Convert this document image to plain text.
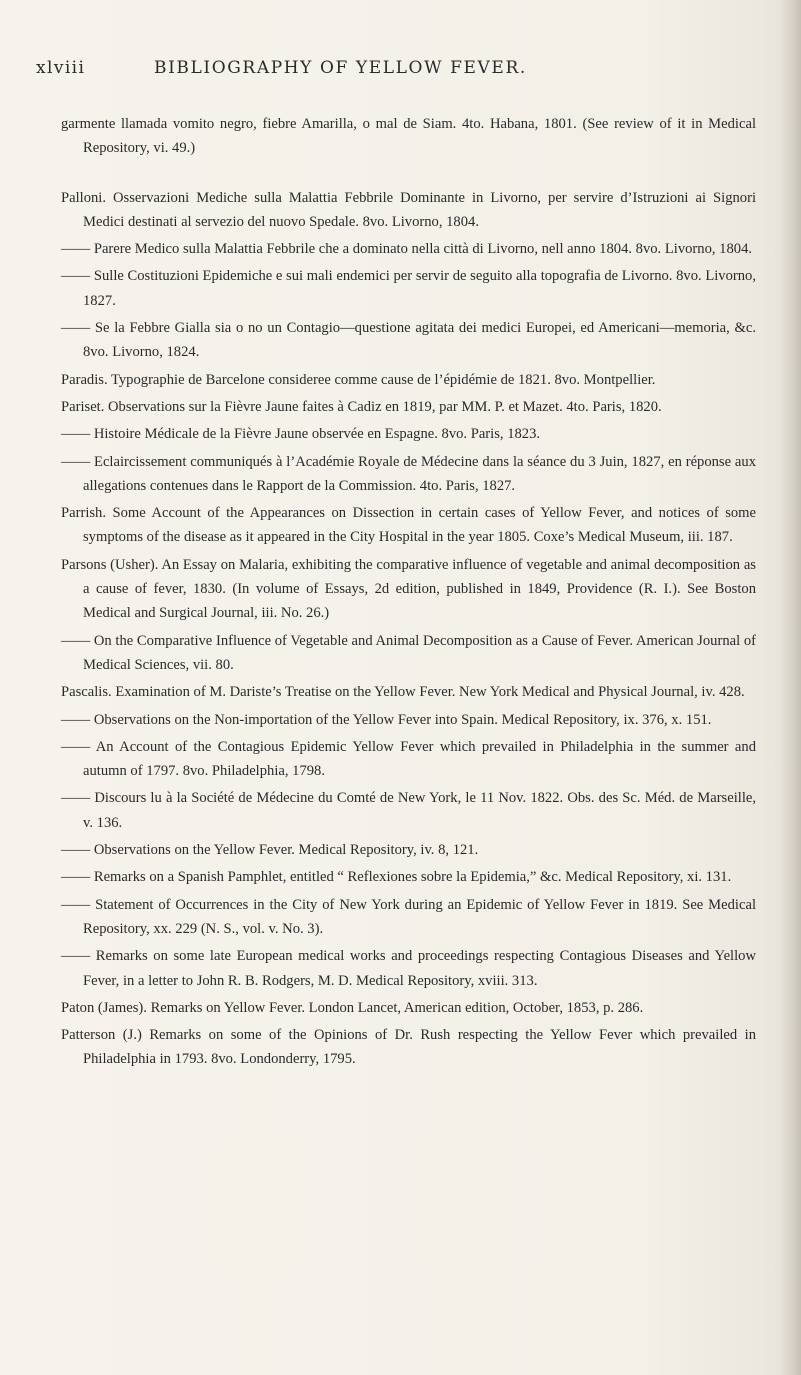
xlviii	BIBLIOGRAPHY OF YELLOW FEVER.
garmente llamada vomito negro, fiebre Amarilla, o mal de Siam. 4to. Habana, 1801. (See review of it in Medical Repository, vi. 49.)
Palloni. Osservazioni Mediche sulla Malattia Febbrile Dominante in Livorno, per servire d’Istruzioni ai Signori Medici destinati al servezio del nuovo Spedale. 8vo. Livorno, 1804.
—— Parere Medico sulla Malattia Febbrile che a dominato nella città di Livorno, nell anno 1804. 8vo. Livorno, 1804.
—— Sulle Costituzioni Epidemiche e sui mali endemici per servir de seguito alla topografia de Livorno. 8vo. Livorno, 1827.
—— Se la Febbre Gialla sia o no un Contagio—questione agitata dei medici Europei, ed Americani—memoria, &c. 8vo. Livorno, 1824.
Paradis. Typographie de Barcelone consideree comme cause de l’épidémie de 1821. 8vo. Montpellier.
Pariset. Observations sur la Fièvre Jaune faites à Cadiz en 1819, par MM. P. et Mazet. 4to. Paris, 1820.
—— Histoire Médicale de la Fièvre Jaune observée en Espagne. 8vo. Paris, 1823.
—— Eclaircissement communiqués à l’Académie Royale de Médecine dans la séance du 3 Juin, 1827, en réponse aux allegations contenues dans le Rapport de la Commission. 4to. Paris, 1827.
Parrish. Some Account of the Appearances on Dissection in certain cases of Yellow Fever, and notices of some symptoms of the disease as it appeared in the City Hospital in the year 1805. Coxe’s Medical Museum, iii. 187.
Parsons (Usher). An Essay on Malaria, exhibiting the comparative influence of vegetable and animal decomposition as a cause of fever, 1830. (In volume of Essays, 2d edition, published in 1849, Providence (R. I.). See Boston Medical and Surgical Journal, iii. No. 26.)
—— On the Comparative Influence of Vegetable and Animal Decomposition as a Cause of Fever. American Journal of Medical Sciences, vii. 80.
Pascalis. Examination of M. Dariste’s Treatise on the Yellow Fever. New York Medical and Physical Journal, iv. 428.
—— Observations on the Non-importation of the Yellow Fever into Spain. Medical Repository, ix. 376, x. 151.
—— An Account of the Contagious Epidemic Yellow Fever which prevailed in Philadelphia in the summer and autumn of 1797. 8vo. Philadelphia, 1798.
—— Discours lu à la Société de Médecine du Comté de New York, le 11 Nov. 1822. Obs. des Sc. Méd. de Marseille, v. 136.
—— Observations on the Yellow Fever. Medical Repository, iv. 8, 121.
—— Remarks on a Spanish Pamphlet, entitled “ Reflexiones sobre la Epidemia,” &c. Medical Repository, xi. 131.
—— Statement of Occurrences in the City of New York during an Epidemic of Yellow Fever in 1819. See Medical Repository, xx. 229 (N. S., vol. v. No. 3).
—— Remarks on some late European medical works and proceedings respecting Contagious Diseases and Yellow Fever, in a letter to John R. B. Rodgers, M. D. Medical Repository, xviii. 313.
Paton (James). Remarks on Yellow Fever. London Lancet, American edition, October, 1853, p. 286.
Patterson (J.) Remarks on some of the Opinions of Dr. Rush respecting the Yellow Fever which prevailed in Philadelphia in 1793. 8vo. Londonderry, 1795.
